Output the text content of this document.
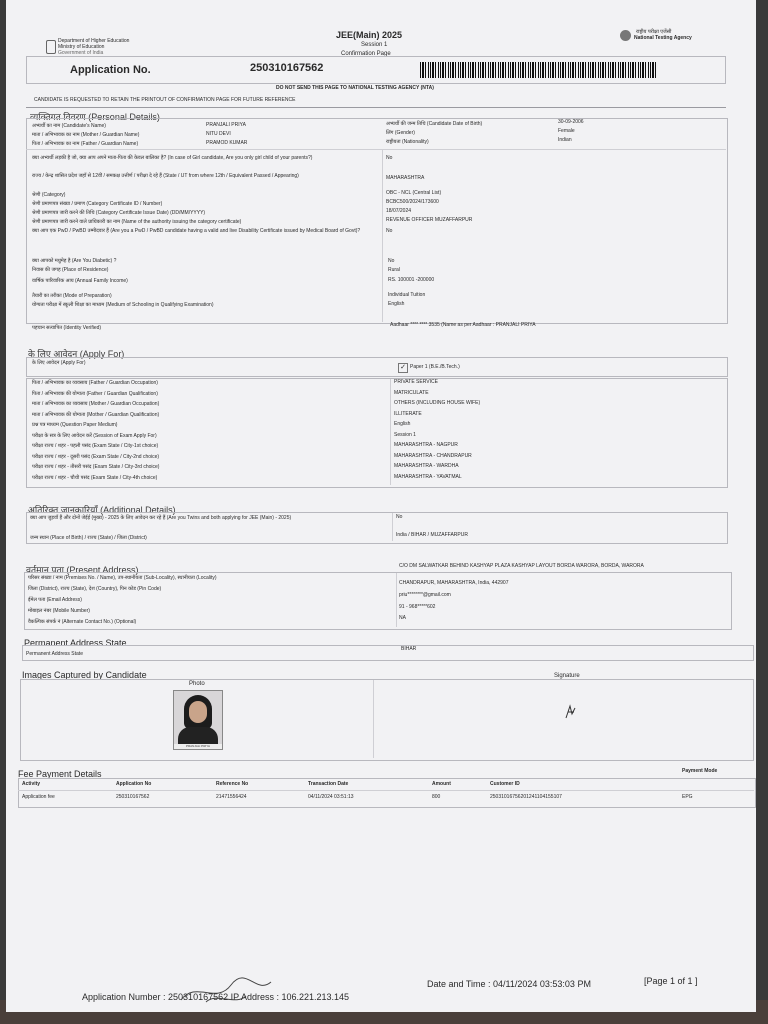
Department of Higher Education
Ministry of Education
Government of India
JEE(Main) 2025
Session 1
Confirmation Page
राष्ट्रीय परीक्षा एजेंसी
National Testing Agency
Application No.	250310167562
DO NOT SEND THIS PAGE TO NATIONAL TESTING AGENCY (NTA)
CANDIDATE IS REQUESTED TO RETAIN THE PRINTOUT OF CONFIRMATION PAGE FOR FUTURE REFERENCE
व्यक्तिगत विवरण (Personal Details)
अभ्यर्थी का नाम (Candidate's Name)	PRANJALI PRIYA	अभ्यर्थी की जन्म तिथि (Candidate Date of Birth)	30-09-2006
माता / अभिभावक का नाम (Mother / Guardian Name)	NITU DEVI	लिंग (Gender)	Female
पिता / अभिभावक का नाम (Father / Guardian Name)	PRAMOD KUMAR	राष्ट्रीयता (Nationality)	Indian
क्या अभ्यर्थी लड़की है जो, क्या आप अपने माता-पिता की केवल बालिका है? (In case of Girl candidate, Are you only girl child of your parents?)	No
राज्य / केन्द्र शासित प्रदेश जहाँ से 12वीं / समकक्ष उत्तीर्ण / परीक्षा दे रहे हैं (State / UT from where 12th / Equivalent Passed / Appearing)	MAHARASHTRA
श्रेणी (Category)	OBC - NCL (Central List)
श्रेणी प्रमाणपत्र संख्या / प्रमाण (Category Certificate ID / Number)	BCBC500/2024/173600
श्रेणी प्रमाणपत्र जारी करने की तिथि (Category Certificate Issue Date) (DD/MM/YYYY)	18/07/2024
श्रेणी प्रमाणपत्र जारी करने वाले प्राधिकारी का नाम (Name of the authority issuing the category certificate)	REVENUE OFFICER MUZAFFARPUR
क्या आप एक PwD / PwBD उम्मीदवार हैं (Are you a PwD / PwBD candidate having a valid and live Disability Certificate issued by Medical Board of Govt)?	No
क्या आपको मधुमेह है (Are You Diabetic) ?	No
निवास की जगह (Place of Residence)	Rural
वार्षिक पारिवारिक आय (Annual Family Income)	RS. 100001 -200000
तैयारी का तरीका (Mode of Preparation)	Individual Tuition
योग्यता परीक्षा में स्कूली शिक्षा का माध्यम (Medium of Schooling in Qualifying Examination)	English
पहचान सत्यापित (Identity Verified)	Aadhaar **** **** 3535 (Name as per Aadhaar : PRANJALI PRIYA
के लिए आवेदन (Apply For)
के लिए आवेदन (Apply For)
✓ Paper 1 (B.E./B.Tech.)
पिता / अभिभावक का व्यवसाय (Father / Guardian Occupation)	PRIVATE SERVICE
पिता / अभिभावक की योग्यता (Father / Guardian Qualification)	MATRICULATE
माता / अभिभावक का व्यवसाय (Mother / Guardian Occupation)	OTHERS (INCLUDING HOUSE WIFE)
माता / अभिभावक की योग्यता (Mother / Guardian Qualification)	ILLITERATE
प्रश्न पत्र माध्यम (Question Paper Medium)	English
परीक्षा के सत्र के लिए आवेदन करें (Session of Exam Apply For)	Session 1
परीक्षा राज्य / शहर - पहली पसंद (Exam State / City-1st choice)	MAHARASHTRA - NAGPUR
परीक्षा राज्य / शहर - दूसरी पसंद (Exam State / City-2nd choice)	MAHARASHTRA - CHANDRAPUR
परीक्षा राज्य / शहर - तीसरी पसंद (Exam State / City-3rd choice)	MAHARASHTRA - WARDHA
परीक्षा राज्य / शहर - चौथी पसंद (Exam State / City-4th choice)	MAHARASHTRA - YAVATMAL
अतिरिक्त जानकारियाँ (Additional Details)
क्या आप जुड़वाँ हैं और दोनों जेईई (मुख्य) - 2025 के लिए आवेदन कर रहे हैं (Are you Twins and both applying for JEE (Main) - 2025)	No
जन्म स्थान (Place of Birth) / राज्य (State) / जिला (District)	India / BIHAR / MUZAFFARPUR
वर्तमान पता (Present Address)
परिसर संख्या / नाम (Premises No. / Name), उप-स्थानीयता (Sub-Locality), स्थानीयता (Locality)
C/O DM SALWATKAR BEHIND KASHYAP PLAZA KASHYAP LAYOUT BORDA WARORA, BORDA, WARORA
जिला (District), राज्य (State), देश (Country), पिन कोड (Pin Code)
CHANDRAPUR, MAHARASHTRA, India, 442907
ईमेल पता (Email Address)
priu********@gmail.com
मोबाइल नंबर (Mobile Number)
91 - 968*****602
वैकल्पिक संपर्क नं (Alternate Contact No.) (Optional)
NA
Permanent Address State
Permanent Address State
BIHAR
Images Captured by Candidate
Photo
Signature
PRANJALI PRIYA
Fee Payment Details
Activity	Application No	Reference No	Transaction Date	Amount	Customer ID
Payment Mode
Application fee	250310167562	21471556424	04/11/2024 03:51:13	800	250310167562012411041551​07	EPG
Application Number : 250310167562 IP Address : 106.221.213.145
Date and Time : 04/11/2024 03:53:03 PM	[Page 1 of 1 ]
